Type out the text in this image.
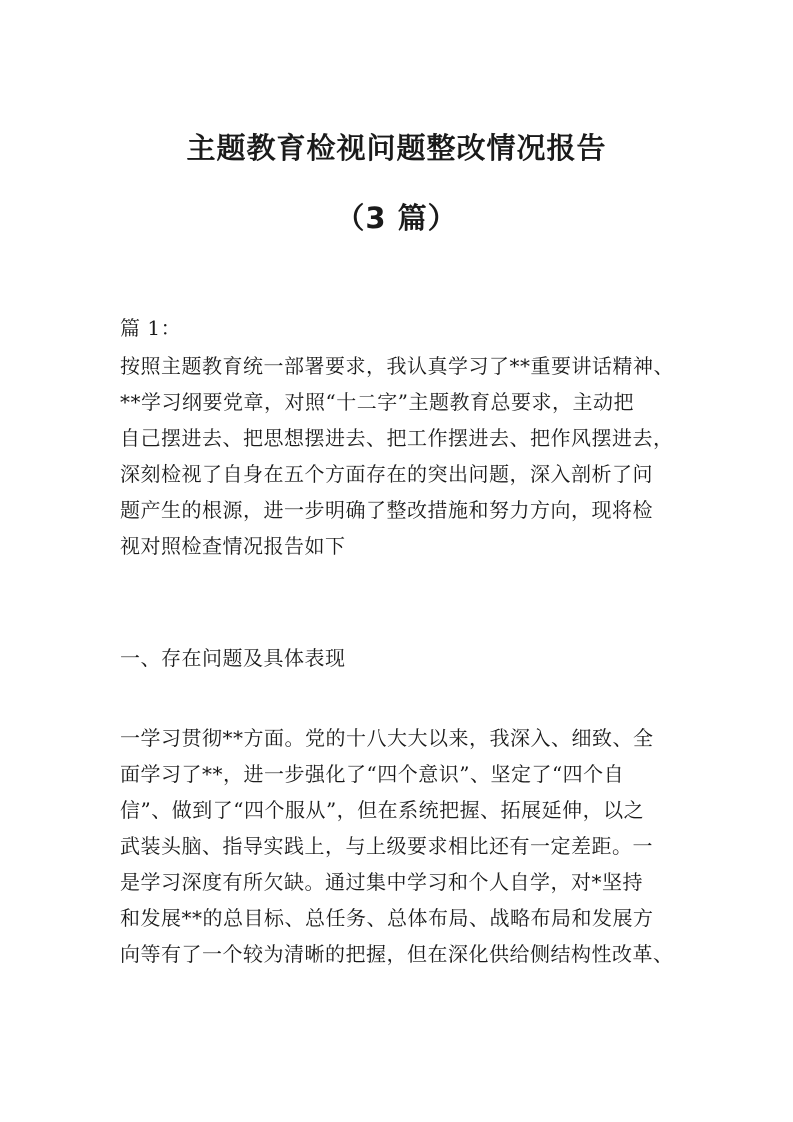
主题教育检视问题整改情况报告
（3 篇）

篇 1：

按照主题教育统一部署要求，我认真学习了**重要讲话精神、
**学习纲要党章，对照“十二字”主题教育总要求，主动把
自己摆进去、把思想摆进去、把工作摆进去、把作风摆进去，
深刻检视了自身在五个方面存在的突出问题，深入剖析了问
题产生的根源，进一步明确了整改措施和努力方向，现将检
视对照检查情况报告如下

一、存在问题及具体表现

一学习贯彻**方面。党的十八大大以来，我深入、细致、全
面学习了**，进一步强化了“四个意识”、坚定了“四个自
信”、做到了“四个服从”，但在系统把握、拓展延伸，以之
武装头脑、指导实践上，与上级要求相比还有一定差距。一
是学习深度有所欠缺。通过集中学习和个人自学，对*坚持
和发展**的总目标、总任务、总体布局、战略布局和发展方
向等有了一个较为清晰的把握，但在深化供给侧结构性改革、
